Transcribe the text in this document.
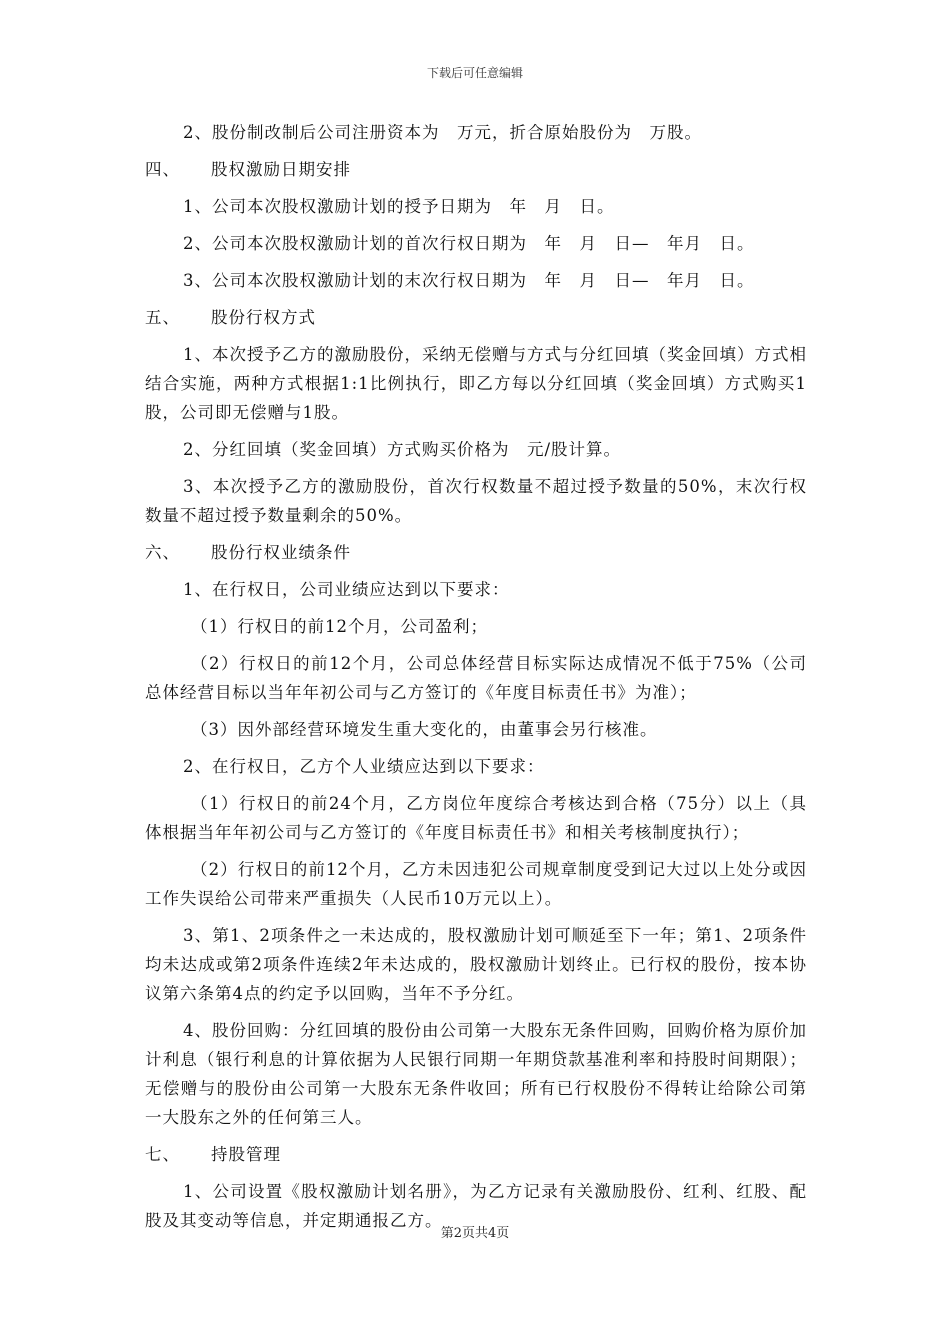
下载后可任意编辑

2、股份制改制后公司注册资本为　万元，折合原始股份为　万股。

四、 股权激励日期安排

1、公司本次股权激励计划的授予日期为　年　月　日。

2、公司本次股权激励计划的首次行权日期为　年　月　日—　年月　日。

3、公司本次股权激励计划的末次行权日期为　年　月　日—　年月　日。

五、 股份行权方式

1、本次授予乙方的激励股份，采纳无偿赠与方式与分红回填（奖金回填）方式相结合实施，两种方式根据1:1比例执行，即乙方每以分红回填（奖金回填）方式购买1股，公司即无偿赠与1股。

2、分红回填（奖金回填）方式购买价格为　元/股计算。

3、本次授予乙方的激励股份，首次行权数量不超过授予数量的50%，末次行权数量不超过授予数量剩余的50%。

六、 股份行权业绩条件

1、在行权日，公司业绩应达到以下要求：

（1）行权日的前12个月，公司盈利；

（2）行权日的前12个月，公司总体经营目标实际达成情况不低于75%（公司总体经营目标以当年年初公司与乙方签订的《年度目标责任书》为准）；

（3）因外部经营环境发生重大变化的，由董事会另行核准。

2、在行权日，乙方个人业绩应达到以下要求：

（1）行权日的前24个月，乙方岗位年度综合考核达到合格（75分）以上（具体根据当年年初公司与乙方签订的《年度目标责任书》和相关考核制度执行）；

（2）行权日的前12个月，乙方未因违犯公司规章制度受到记大过以上处分或因工作失误给公司带来严重损失（人民币10万元以上）。

3、第1、2项条件之一未达成的，股权激励计划可顺延至下一年；第1、2项条件均未达成或第2项条件连续2年未达成的，股权激励计划终止。已行权的股份，按本协议第六条第4点的约定予以回购，当年不予分红。

4、股份回购：分红回填的股份由公司第一大股东无条件回购，回购价格为原价加计利息（银行利息的计算依据为人民银行同期一年期贷款基准利率和持股时间期限）；无偿赠与的股份由公司第一大股东无条件收回；所有已行权股份不得转让给除公司第一大股东之外的任何第三人。

七、 持股管理

1、公司设置《股权激励计划名册》，为乙方记录有关激励股份、红利、红股、配股及其变动等信息，并定期通报乙方。

第2页共4页
